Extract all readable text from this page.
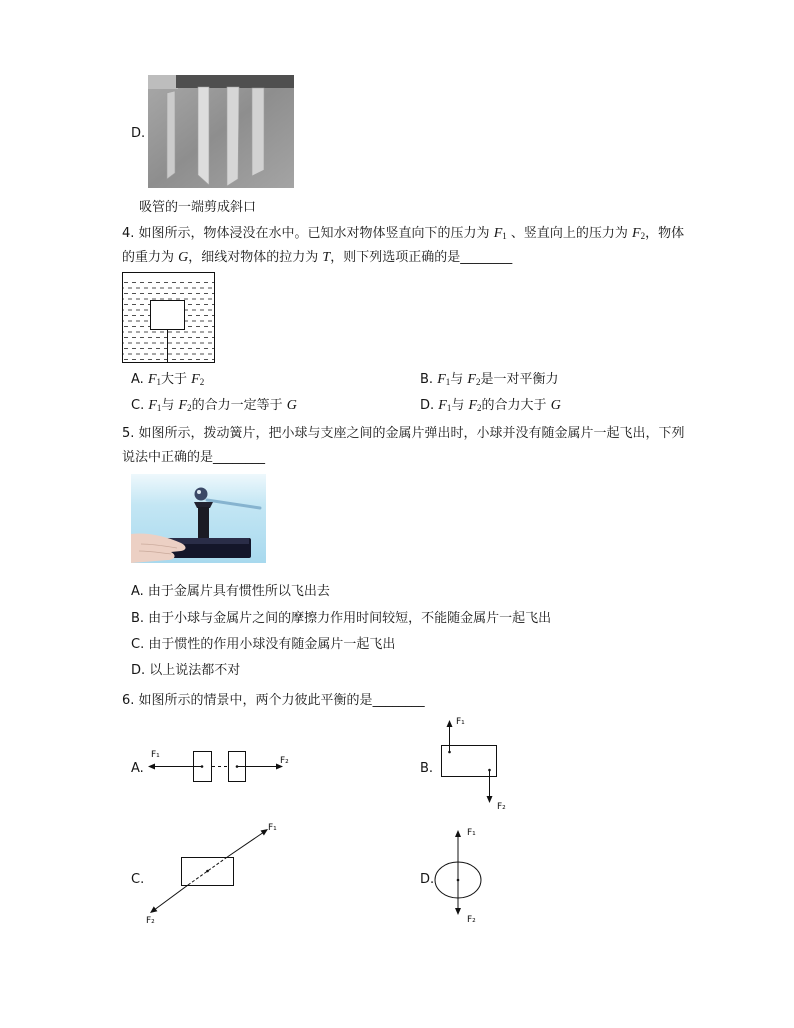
D.
吸管的一端剪成斜口
4. 如图所示，物体浸没在水中。已知水对物体竖直向下的压力为 $F_1$ 、竖直向上的压力为 $F_2$，物体
的重力为 G，细线对物体的拉力为 T，则下列选项正确的是________
A. $F_1$大于 $F_2$	B. $F_1$与 $F_2$是一对平衡力
C. $F_1$与 $F_2$的合力一定等于 G	D. $F_1$与 $F_2$的合力大于 G
5. 如图所示，拨动簧片，把小球与支座之间的金属片弹出时，小球并没有随金属片一起飞出，下列
说法中正确的是________
A. 由于金属片具有惯性所以飞出去
B. 由于小球与金属片之间的摩擦力作用时间较短，不能随金属片一起飞出
C. 由于惯性的作用小球没有随金属片一起飞出
D. 以上说法都不对
6. 如图所示的情景中，两个力彼此平衡的是________
A.
F₁
F₂	B.
F₁
F₂
C.
F₁
F₂
D.
F₁
F₂
